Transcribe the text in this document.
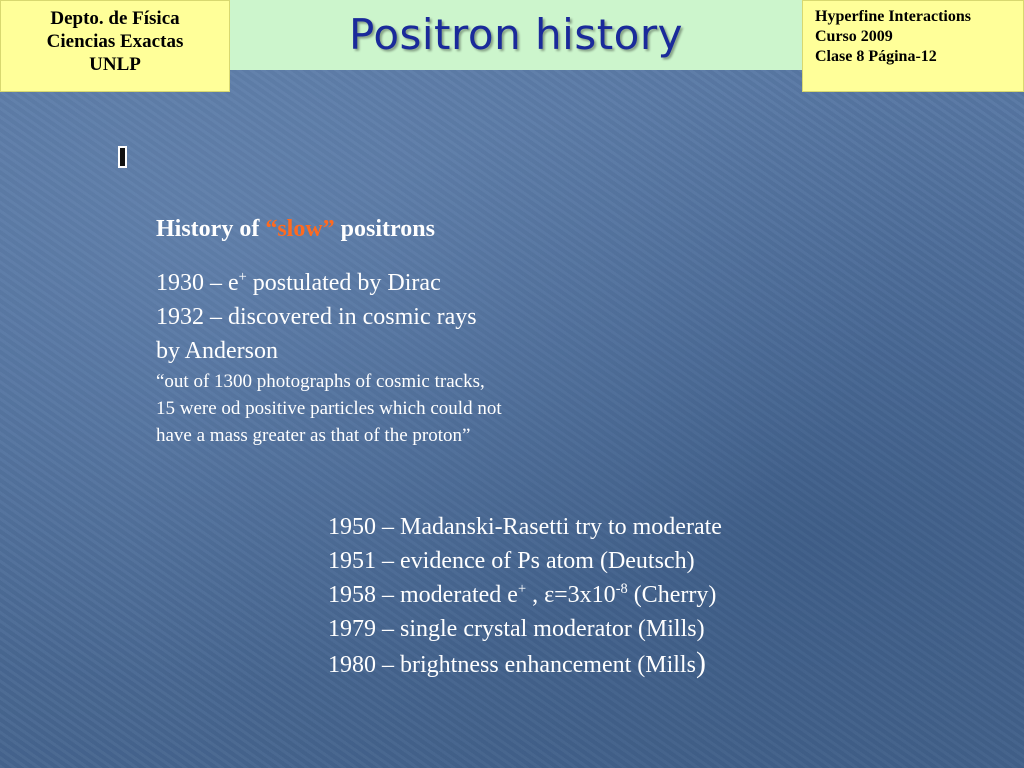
Depto. de Física
Ciencias Exactas
UNLP
Positron history	Hyperfine Interactions
Curso 2009
Clase 8 Página-12
History of “slow” positrons
1930 – e+ postulated by Dirac
1932 – discovered in cosmic rays
by Anderson
“out of 1300 photographs of cosmic tracks,
15 were od positive particles which could not
have a mass greater as that of the proton”
1950 – Madanski-Rasetti try to moderate
1951 – evidence of Ps atom (Deutsch)
1958 – moderated e+ , $\varepsilon=3x10^{-8}$ (Cherry)
1979 – single crystal moderator (Mills)
1980 – brightness enhancement (Mills)
